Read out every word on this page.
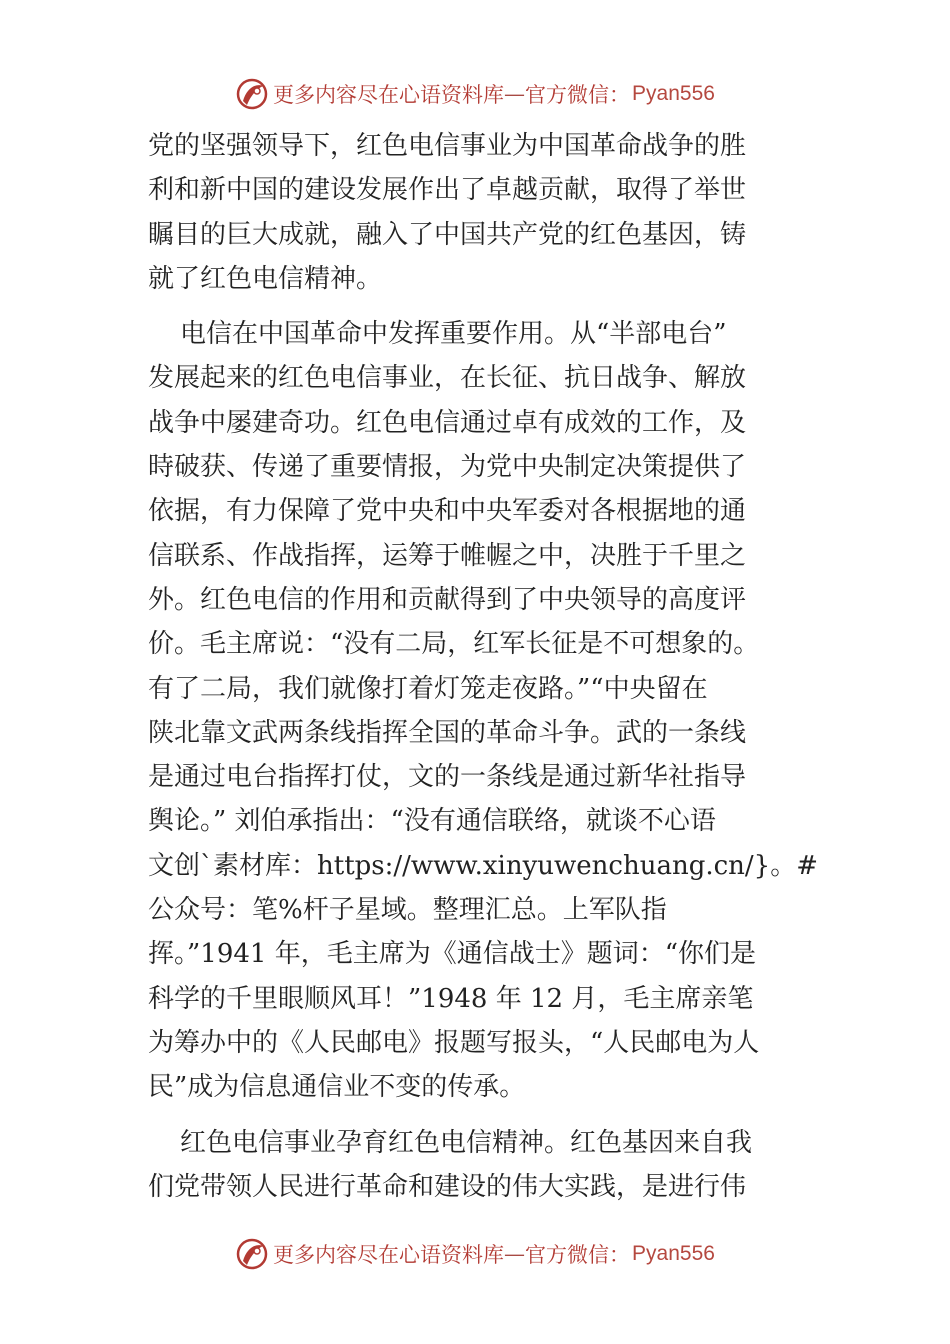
更多内容尽在心语资料库 — 官方微信： Pyan556

党的坚强领导下，红色电信事业为中国革命战争的胜
利和新中国的建设发展作出了卓越贡献，取得了举世
瞩目的巨大成就，融入了中国共产党的红色基因，铸
就了红色电信精神。

电信在中国革命中发挥重要作用。从“半部电台”
发展起来的红色电信事业，在长征、抗日战争、解放
战争中屡建奇功。红色电信通过卓有成效的工作，及
時破获、传递了重要情报，为党中央制定决策提供了
依据，有力保障了党中央和中央军委对各根据地的通
信联系、作战指挥，运筹于帷幄之中，决胜于千里之
外。红色电信的作用和贡献得到了中央领导的高度评
价。毛主席说：“没有二局，红军长征是不可想象的。
有了二局，我们就像打着灯笼走夜路。”“中央留在
陕北靠文武两条线指挥全国的革命斗争。武的一条线
是通过电台指挥打仗，文的一条线是通过新华社指导
舆论。” 刘伯承指出：“没有通信联络，就谈不心语
文创`素材库：https://www.xinyuwenchuang.cn/}。#
公众号：笔%杆子星域。整理汇总。上军队指
挥。”1941 年，毛主席为《通信战士》题词：“你们是
科学的千里眼顺风耳！”1948 年 12 月，毛主席亲笔
为筹办中的《人民邮电》报题写报头，“人民邮电为人
民”成为信息通信业不变的传承。

红色电信事业孕育红色电信精神。红色基因来自我
们党带领人民进行革命和建设的伟大实践，是进行伟

更多内容尽在心语资料库 — 官方微信： Pyan556
